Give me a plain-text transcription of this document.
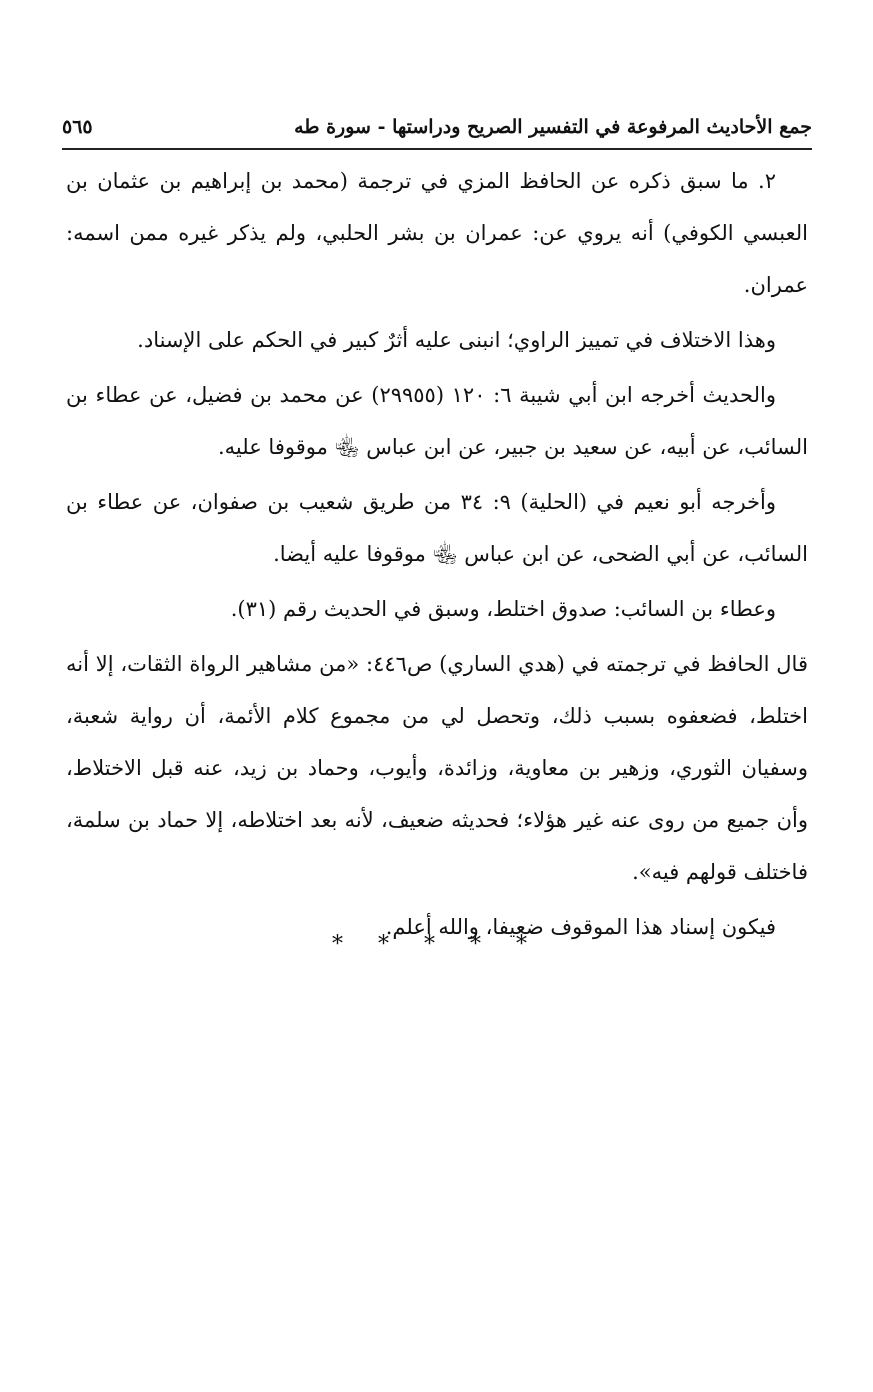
جمع الأحاديث المرفوعة في التفسير الصريح ودراستها - سورة طه
٥٦٥

٢. ما سبق ذكره عن الحافظ المزي في ترجمة (محمد بن إبراهيم بن عثمان بن العبسي الكوفي) أنه يروي عن: عمران بن بشر الحلبي، ولم يذكر غيره ممن اسمه: عمران.

وهذا الاختلاف في تمييز الراوي؛ انبنى عليه أثرٌ كبير في الحكم على الإسناد.

والحديث أخرجه ابن أبي شيبة ٦: ١٢٠ (٢٩٩٥٥) عن محمد بن فضيل، عن عطاء بن السائب، عن أبيه، عن سعيد بن جبير، عن ابن عباس ﵄ موقوفا عليه.

وأخرجه أبو نعيم في (الحلية) ٩: ٣٤ من طريق شعيب بن صفوان، عن عطاء بن السائب، عن أبي الضحى، عن ابن عباس ﵄ موقوفا عليه أيضا.

وعطاء بن السائب: صدوق اختلط، وسبق في الحديث رقم (٣١).

قال الحافظ في ترجمته في (هدي الساري) ص٤٤٦: «من مشاهير الرواة الثقات، إلا أنه اختلط، فضعفوه بسبب ذلك، وتحصل لي من مجموع كلام الأئمة، أن رواية شعبة، وسفيان الثوري، وزهير بن معاوية، وزائدة، وأيوب، وحماد بن زيد، عنه قبل الاختلاط، وأن جميع من روى عنه غير هؤلاء؛ فحديثه ضعيف، لأنه بعد اختلاطه، إلا حماد بن سلمة، فاختلف قولهم فيه».

فيكون إسناد هذا الموقوف ضعيفا، والله أعلم.

* * * * *
